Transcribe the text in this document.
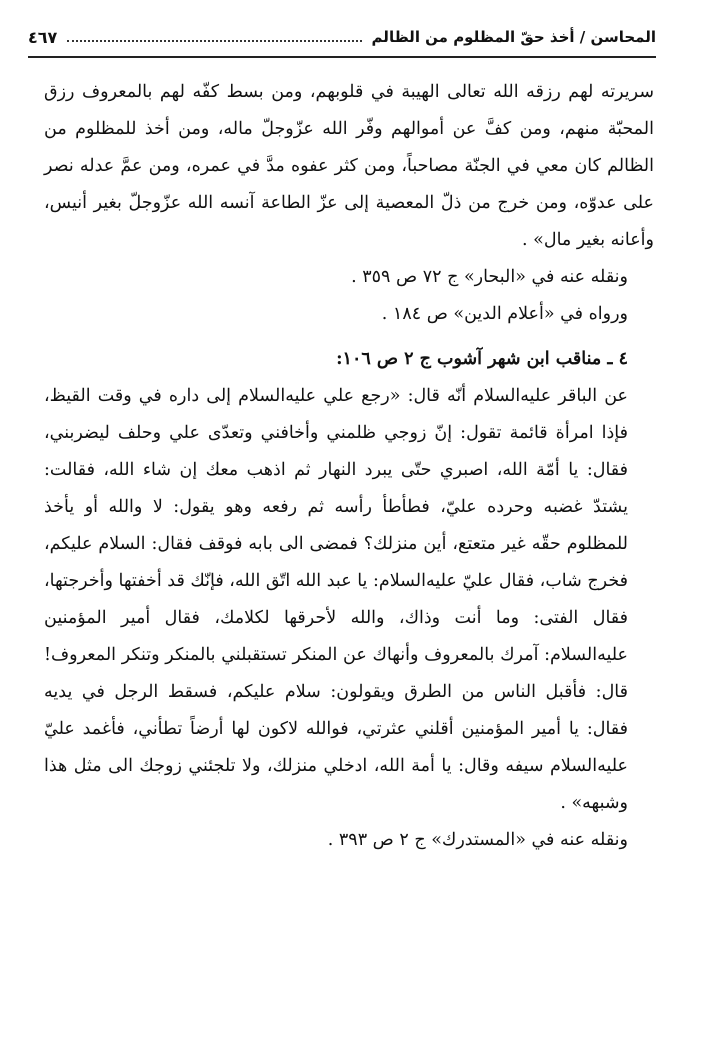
المحاسن / أخذ حقّ المظلوم من الظالم
٤٦٧

سريرته لهم رزقه الله تعالى الهيبة في قلوبهم، ومن بسط كفّه لهم بالمعروف رزق المحبّة منهم، ومن كفَّ عن أموالهم وفّر الله عزّوجلّ ماله، ومن أخذ للمظلوم من الظالم كان معي في الجنّة مصاحباً، ومن كثر عفوه مدَّ في عمره، ومن عمَّ عدله نصر على عدوّه، ومن خرج من ذلّ المعصية إلى عزّ الطاعة آنسه الله عزّوجلّ بغير أنيس، وأعانه بغير مال» .

ونقله عنه في «البحار» ج ٧٢ ص ٣٥٩ .

ورواه في «أعلام الدين» ص ١٨٤ .

٤ ـ مناقب ابن شهر آشوب ج ٢ ص ١٠٦:

عن الباقر عليه‌السلام أنّه قال: «رجع علي عليه‌السلام إلى داره في وقت القيظ، فإذا امرأة قائمة تقول: إنّ زوجي ظلمني وأخافني وتعدّى علي وحلف ليضربني، فقال: يا أمّة الله، اصبري حتّى يبرد النهار ثم اذهب معك إن شاء الله، فقالت: يشتدّ غضبه وحرده عليّ، فطأطأ رأسه ثم رفعه وهو يقول: لا والله أو يأخذ للمظلوم حقّه غير متعتع، أين منزلك؟ فمضى الى بابه فوقف فقال: السلام عليكم، فخرج شاب، فقال عليّ عليه‌السلام: يا عبد الله اتّق الله، فإنّك قد أخفتها وأخرجتها، فقال الفتى: وما أنت وذاك، والله لأحرقها لكلامك، فقال أمير المؤمنين عليه‌السلام: آمرك بالمعروف وأنهاك عن المنكر تستقبلني بالمنكر وتنكر المعروف! قال: فأقبل الناس من الطرق ويقولون: سلام عليكم، فسقط الرجل في يديه فقال: يا أمير المؤمنين أقلني عثرتي، فوالله لاكون لها أرضاً تطأني، فأغمد عليّ عليه‌السلام سيفه وقال: يا أمة الله، ادخلي منزلك، ولا تلجئني زوجك الى مثل هذا وشبهه» .

ونقله عنه في «المستدرك» ج ٢ ص ٣٩٣ .
